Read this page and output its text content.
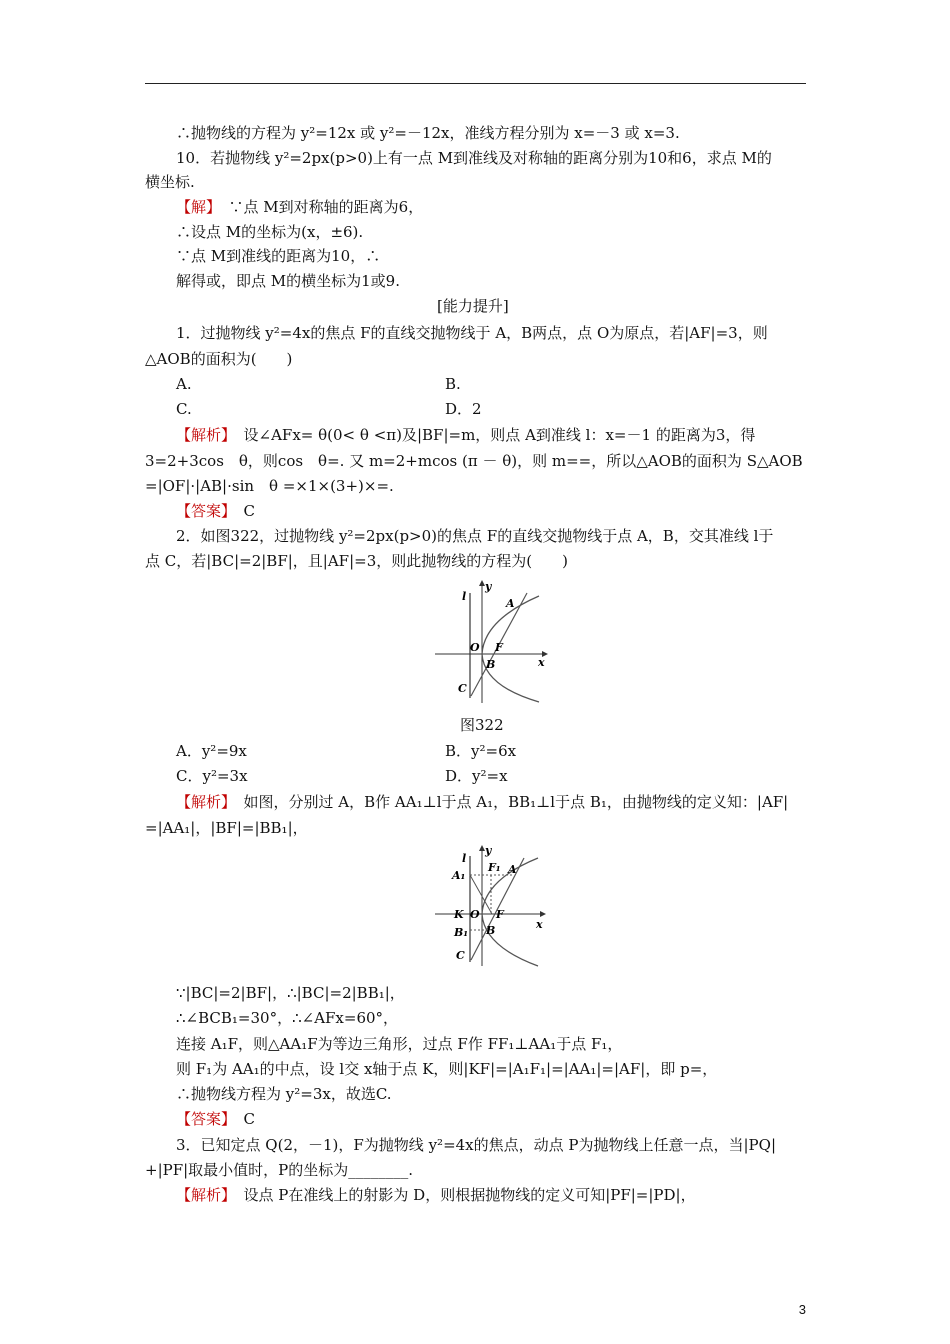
∴抛物线的方程为 y²=12x 或 y²=－12x，准线方程分别为 x=－3 或 x=3.
10．若抛物线 y²=2px(p>0)上有一点 M到准线及对称轴的距离分别为10和6，求点 M的
横坐标.
【解】　 ∵点 M到对称轴的距离为6，
∴设点 M的坐标为(x，±6).
∵点 M到准线的距离为10，∴
解得或，即点 M的横坐标为1或9.
[能力提升]
1．过抛物线 y²=4x的焦点 F的直线交抛物线于 A，B两点，点 O为原点，若|AF|=3，则
△AOB的面积为(　　)
A.	B.
C.	D．2
【解析】　 设∠AFx= θ(0< θ <π)及|BF|=m，则点 A到准线 l：x=－1 的距离为3，得
3=2+3cos　θ，则cos　θ=. 又 m=2+mcos (π － θ)，则 m==，所以△AOB的面积为 S△AOB
=|OF|·|AB|·sin　θ =×1×(3+)×=.
【答案】　 C
2．如图322，过抛物线 y²=2px(p>0)的焦点 F的直线交抛物线于点 A，B，交其准线 l于
点 C，若|BC|=2|BF|，且|AF|=3，则此抛物线的方程为(　　)
l
y
A
O F
B	x
C
图322
A．y²=9x	B．y²=6x
C．y²=3x	D．y²=x
【解析】　 如图，分别过 A，B作 AA₁⊥l于点 A₁，BB₁⊥l于点 B₁，由抛物线的定义知：|AF|
=|AA₁|，|BF|=|BB₁|，
l
y
A₁
F₁ A
K O F
B₁ B	x
C
∵|BC|=2|BF|，∴|BC|=2|BB₁|，
∴∠BCB₁=30°，∴∠AFx=60°，
连接 A₁F，则△AA₁F为等边三角形，过点 F作 FF₁⊥AA₁于点 F₁，
则 F₁为 AA₁的中点，设 l交 x轴于点 K，则|KF|=|A₁F₁|=|AA₁|=|AF|，即 p=，
∴抛物线方程为 y²=3x，故选C.
【答案】　 C
3．已知定点 Q(2，－1)，F为抛物线 y²=4x的焦点，动点 P为抛物线上任意一点，当|PQ|
+|PF|取最小值时，P的坐标为________.
【解析】　 设点 P在准线上的射影为 D，则根据抛物线的定义可知|PF|=|PD|，
3
